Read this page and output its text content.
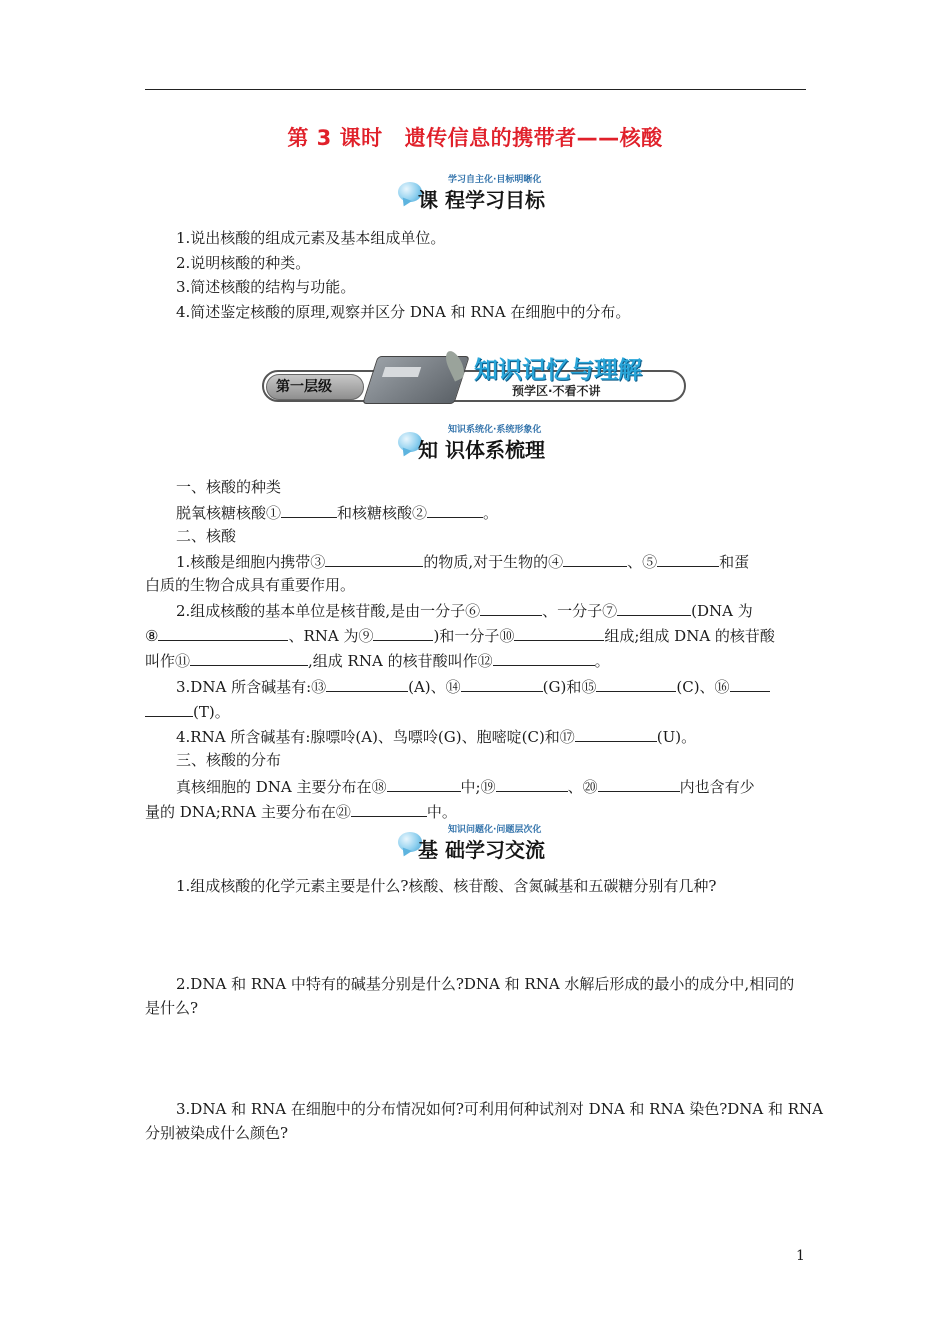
第 3 课时 遗传信息的携带者——核酸
学习自主化·目标明晰化
课 程学习目标
1.说出核酸的组成元素及基本组成单位。
2.说明核酸的种类。
3.简述核酸的结构与功能。
4.简述鉴定核酸的原理,观察并区分 DNA 和 RNA 在细胞中的分布。
第一层级
知识记忆与理解
预学区·不看不讲
知识系统化·系统形象化
知 识体系梳理
一、核酸的种类
脱氧核糖核酸①	和核糖核酸②	。
二、核酸
1.核酸是细胞内携带③	的物质,对于生物的④	、⑤	和蛋
白质的生物合成具有重要作用。
2.组成核酸的基本单位是核苷酸,是由一分子⑥	、一分子⑦	(DNA 为
⑧	、RNA 为⑨	)和一分子⑩	组成;组成 DNA 的核苷酸
叫作⑪	,组成 RNA 的核苷酸叫作⑫	。
3.DNA 所含碱基有:⑬	(A)、⑭	(G)和⑮	(C)、⑯
(T)。
4.RNA 所含碱基有:腺嘌呤(A)、鸟嘌呤(G)、胞嘧啶(C)和⑰	(U)。
三、核酸的分布
真核细胞的 DNA 主要分布在⑱	中;⑲	、⑳	内也含有少
量的 DNA;RNA 主要分布在㉑	中。
知识问题化·问题层次化
基 础学习交流
1.组成核酸的化学元素主要是什么?核酸、核苷酸、含氮碱基和五碳糖分别有几种?
2.DNA 和 RNA 中特有的碱基分别是什么?DNA 和 RNA 水解后形成的最小的成分中,相同的
是什么?
3.DNA 和 RNA 在细胞中的分布情况如何?可利用何种试剂对 DNA 和 RNA 染色?DNA 和 RNA
分别被染成什么颜色?
1
